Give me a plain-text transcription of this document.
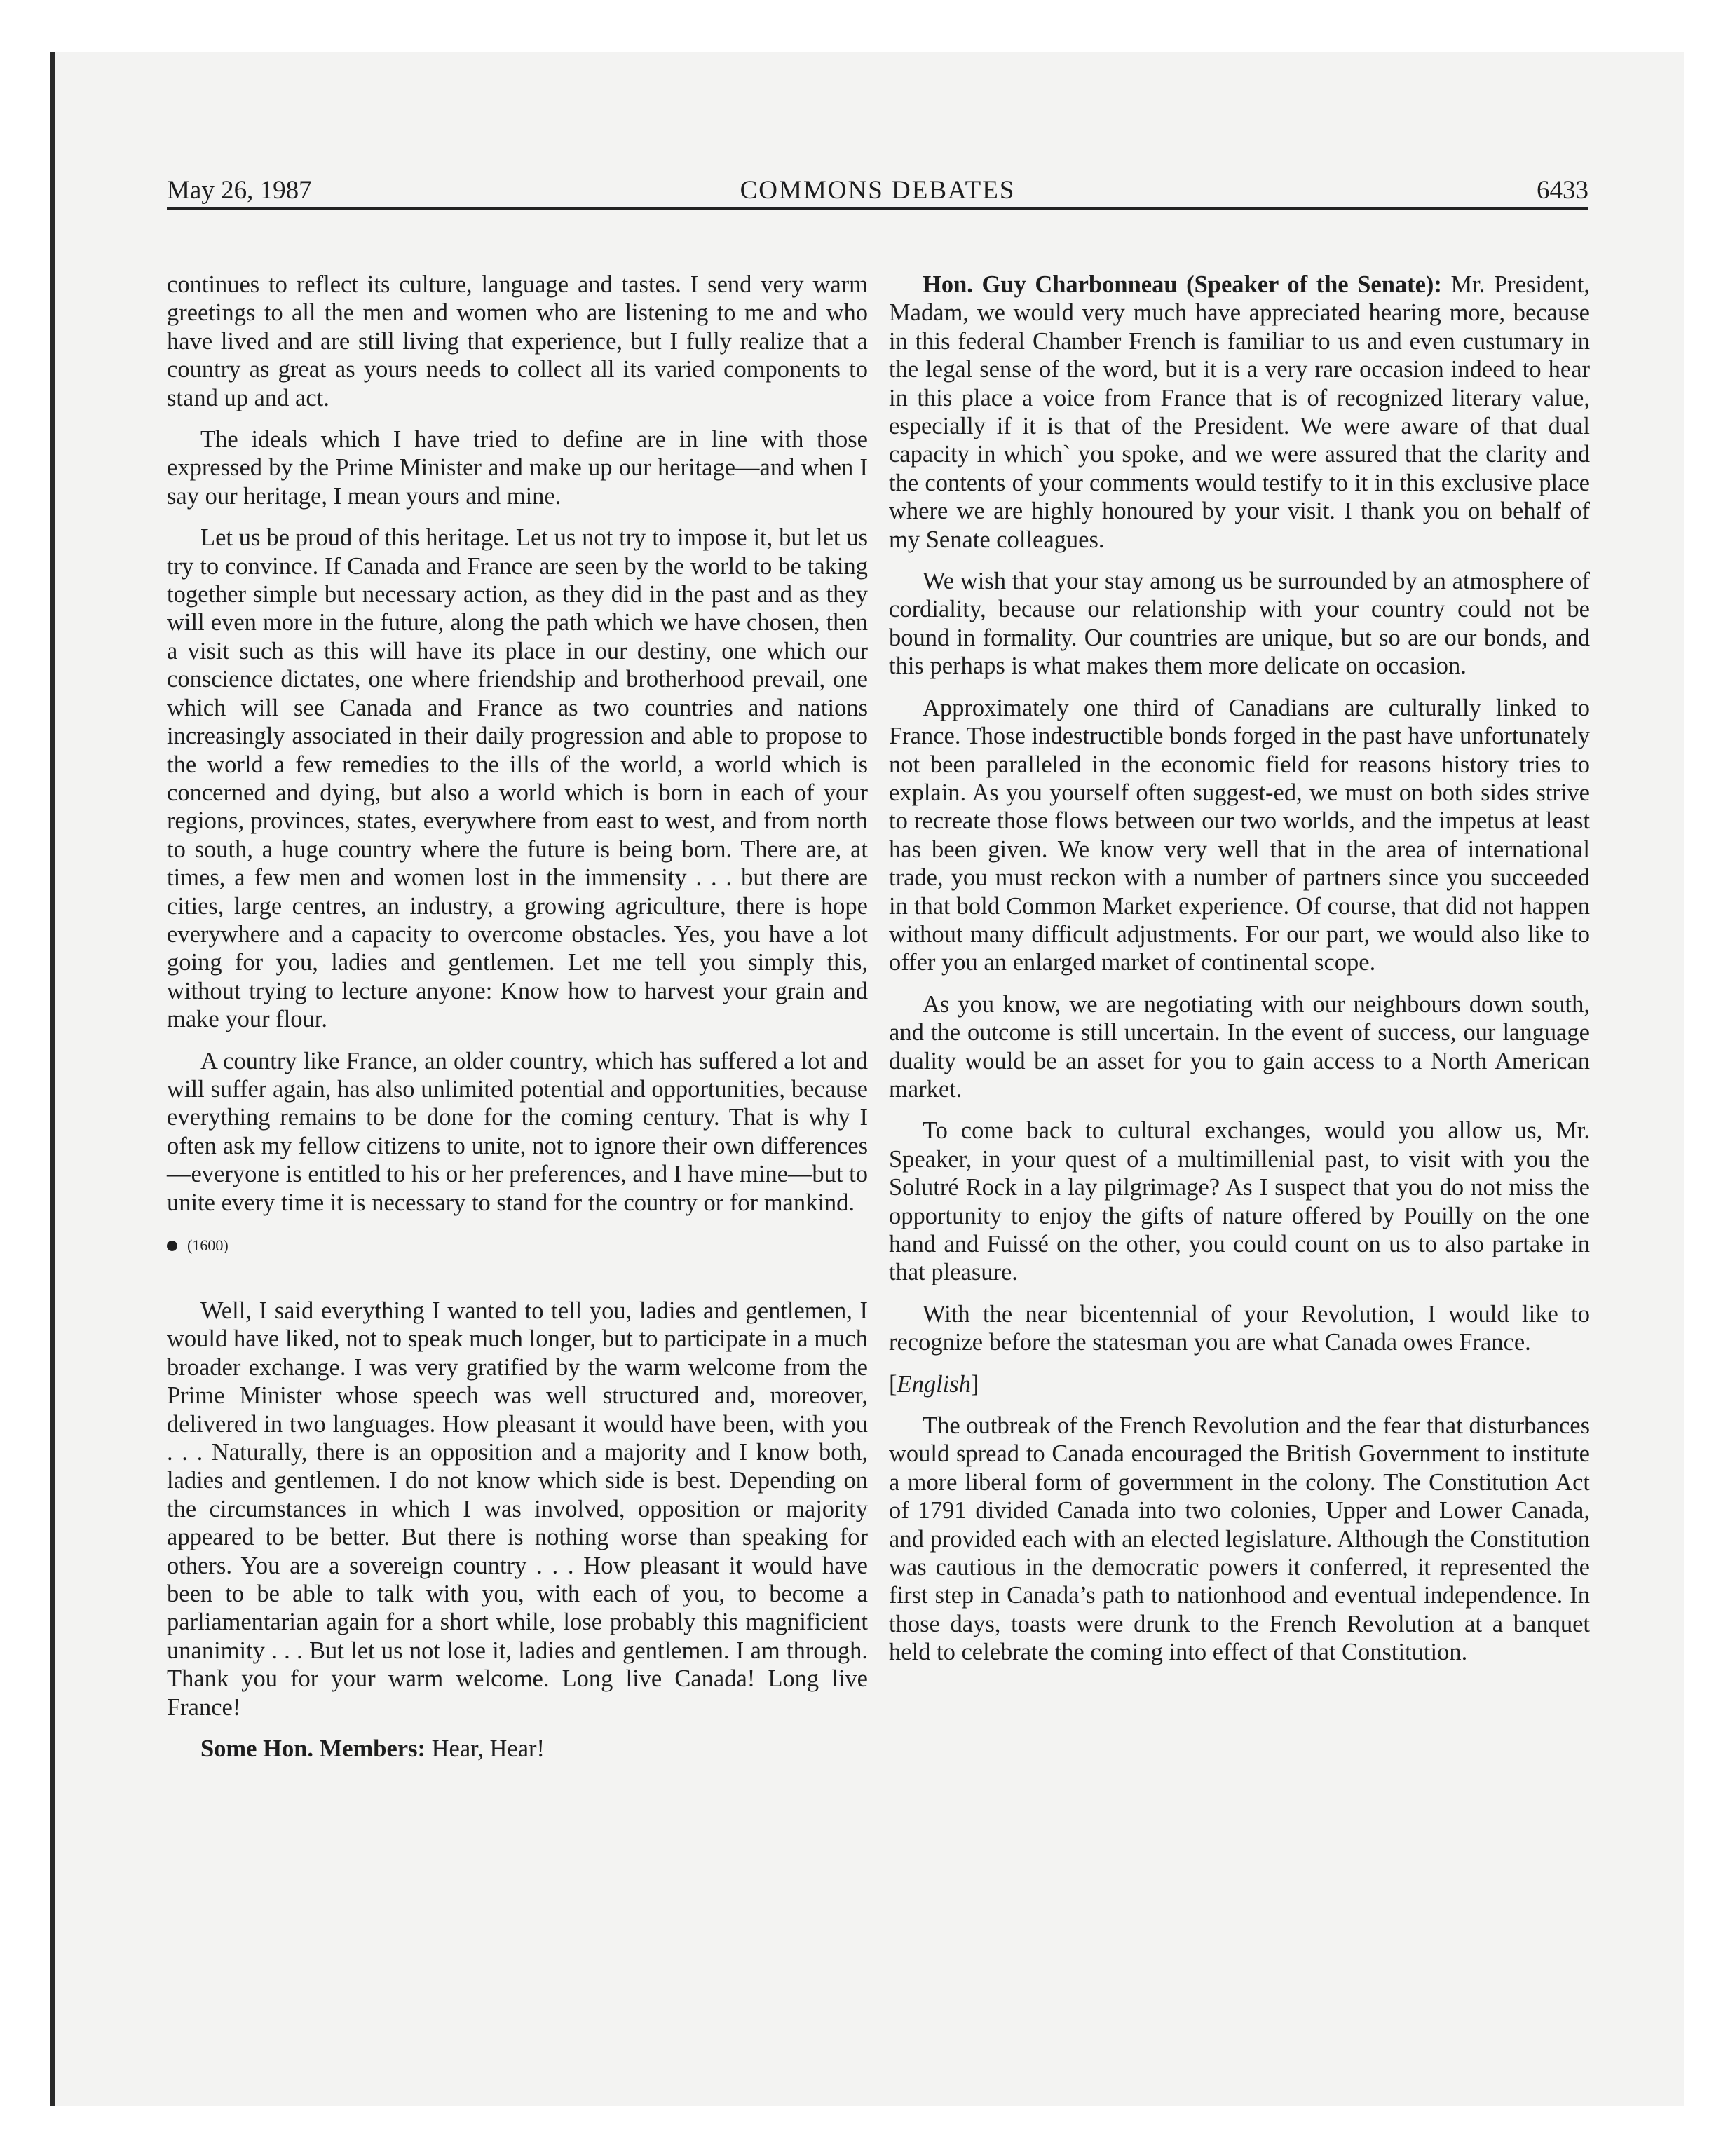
May 26, 1987	COMMONS DEBATES	6433

continues to reflect its culture, language and tastes. I send very warm greetings to all the men and women who are listening to me and who have lived and are still living that experience, but I fully realize that a country as great as yours needs to collect all its varied components to stand up and act.

The ideals which I have tried to define are in line with those expressed by the Prime Minister and make up our heritage—and when I say our heritage, I mean yours and mine.

Let us be proud of this heritage. Let us not try to impose it, but let us try to convince. If Canada and France are seen by the world to be taking together simple but necessary action, as they did in the past and as they will even more in the future, along the path which we have chosen, then a visit such as this will have its place in our destiny, one which our conscience dictates, one where friendship and brotherhood prevail, one which will see Canada and France as two countries and nations increasingly associated in their daily progression and able to propose to the world a few remedies to the ills of the world, a world which is concerned and dying, but also a world which is born in each of your regions, provinces, states, everywhere from east to west, and from north to south, a huge country where the future is being born. There are, at times, a few men and women lost in the immensity . . . but there are cities, large centres, an industry, a growing agriculture, there is hope everywhere and a capacity to overcome obstacles. Yes, you have a lot going for you, ladies and gentlemen. Let me tell you simply this, without trying to lecture anyone: Know how to harvest your grain and make your flour.

A country like France, an older country, which has suffered a lot and will suffer again, has also unlimited potential and opportunities, because everything remains to be done for the coming century. That is why I often ask my fellow citizens to unite, not to ignore their own differences—everyone is entitled to his or her preferences, and I have mine—but to unite every time it is necessary to stand for the country or for mankind.

(1600)

Well, I said everything I wanted to tell you, ladies and gentlemen, I would have liked, not to speak much longer, but to participate in a much broader exchange. I was very gratified by the warm welcome from the Prime Minister whose speech was well structured and, moreover, delivered in two languages. How pleasant it would have been, with you . . . Naturally, there is an opposition and a majority and I know both, ladies and gentlemen. I do not know which side is best. Depending on the circumstances in which I was involved, opposition or majority appeared to be better. But there is nothing worse than speaking for others. You are a sovereign country . . . How pleasant it would have been to be able to talk with you, with each of you, to become a parliamentarian again for a short while, lose probably this magnificient unanimity . . . But let us not lose it, ladies and gentlemen. I am through. Thank you for your warm welcome. Long live Canada! Long live France!

Some Hon. Members: Hear, Hear!

Hon. Guy Charbonneau (Speaker of the Senate): Mr. President, Madam, we would very much have appreciated hearing more, because in this federal Chamber French is familiar to us and even custumary in the legal sense of the word, but it is a very rare occasion indeed to hear in this place a voice from France that is of recognized literary value, especially if it is that of the President. We were aware of that dual capacity in which` you spoke, and we were assured that the clarity and the contents of your comments would testify to it in this exclusive place where we are highly honoured by your visit. I thank you on behalf of my Senate colleagues.

We wish that your stay among us be surrounded by an atmosphere of cordiality, because our relationship with your country could not be bound in formality. Our countries are unique, but so are our bonds, and this perhaps is what makes them more delicate on occasion.

Approximately one third of Canadians are culturally linked to France. Those indestructible bonds forged in the past have unfortunately not been paralleled in the economic field for reasons history tries to explain. As you yourself often suggest-ed, we must on both sides strive to recreate those flows between our two worlds, and the impetus at least has been given. We know very well that in the area of international trade, you must reckon with a number of partners since you succeeded in that bold Common Market experience. Of course, that did not happen without many difficult adjustments. For our part, we would also like to offer you an enlarged market of continental scope.

As you know, we are negotiating with our neighbours down south, and the outcome is still uncertain. In the event of success, our language duality would be an asset for you to gain access to a North American market.

To come back to cultural exchanges, would you allow us, Mr. Speaker, in your quest of a multimillenial past, to visit with you the Solutré Rock in a lay pilgrimage? As I suspect that you do not miss the opportunity to enjoy the gifts of nature offered by Pouilly on the one hand and Fuissé on the other, you could count on us to also partake in that pleasure.

With the near bicentennial of your Revolution, I would like to recognize before the statesman you are what Canada owes France.

[English]

The outbreak of the French Revolution and the fear that disturbances would spread to Canada encouraged the British Government to institute a more liberal form of government in the colony. The Constitution Act of 1791 divided Canada into two colonies, Upper and Lower Canada, and provided each with an elected legislature. Although the Constitution was cautious in the democratic powers it conferred, it represented the first step in Canada’s path to nationhood and eventual independence. In those days, toasts were drunk to the French Revolution at a banquet held to celebrate the coming into effect of that Constitution.
